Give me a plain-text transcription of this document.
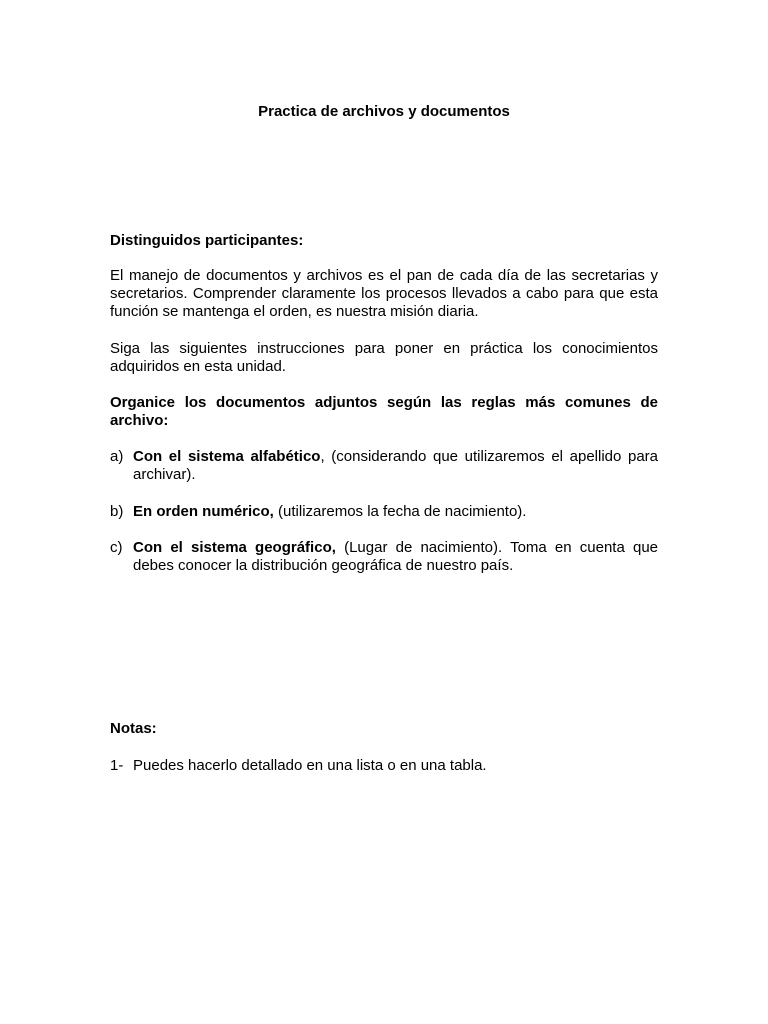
Practica de archivos y documentos
Distinguidos participantes:
El manejo de documentos y archivos es el pan de cada día de las secretarias y secretarios. Comprender claramente los procesos llevados a cabo para que esta función se mantenga el orden, es nuestra misión diaria.
Siga las siguientes instrucciones para poner en práctica los conocimientos adquiridos en esta unidad.
Organice los documentos adjuntos según las reglas más comunes de archivo:
a) Con el sistema alfabético, (considerando que utilizaremos el apellido para archivar).
b) En orden numérico, (utilizaremos la fecha de nacimiento).
c) Con el sistema geográfico, (Lugar de nacimiento). Toma en cuenta que debes conocer la distribución geográfica de nuestro país.
Notas:
1- Puedes hacerlo detallado en una lista o en una tabla.
